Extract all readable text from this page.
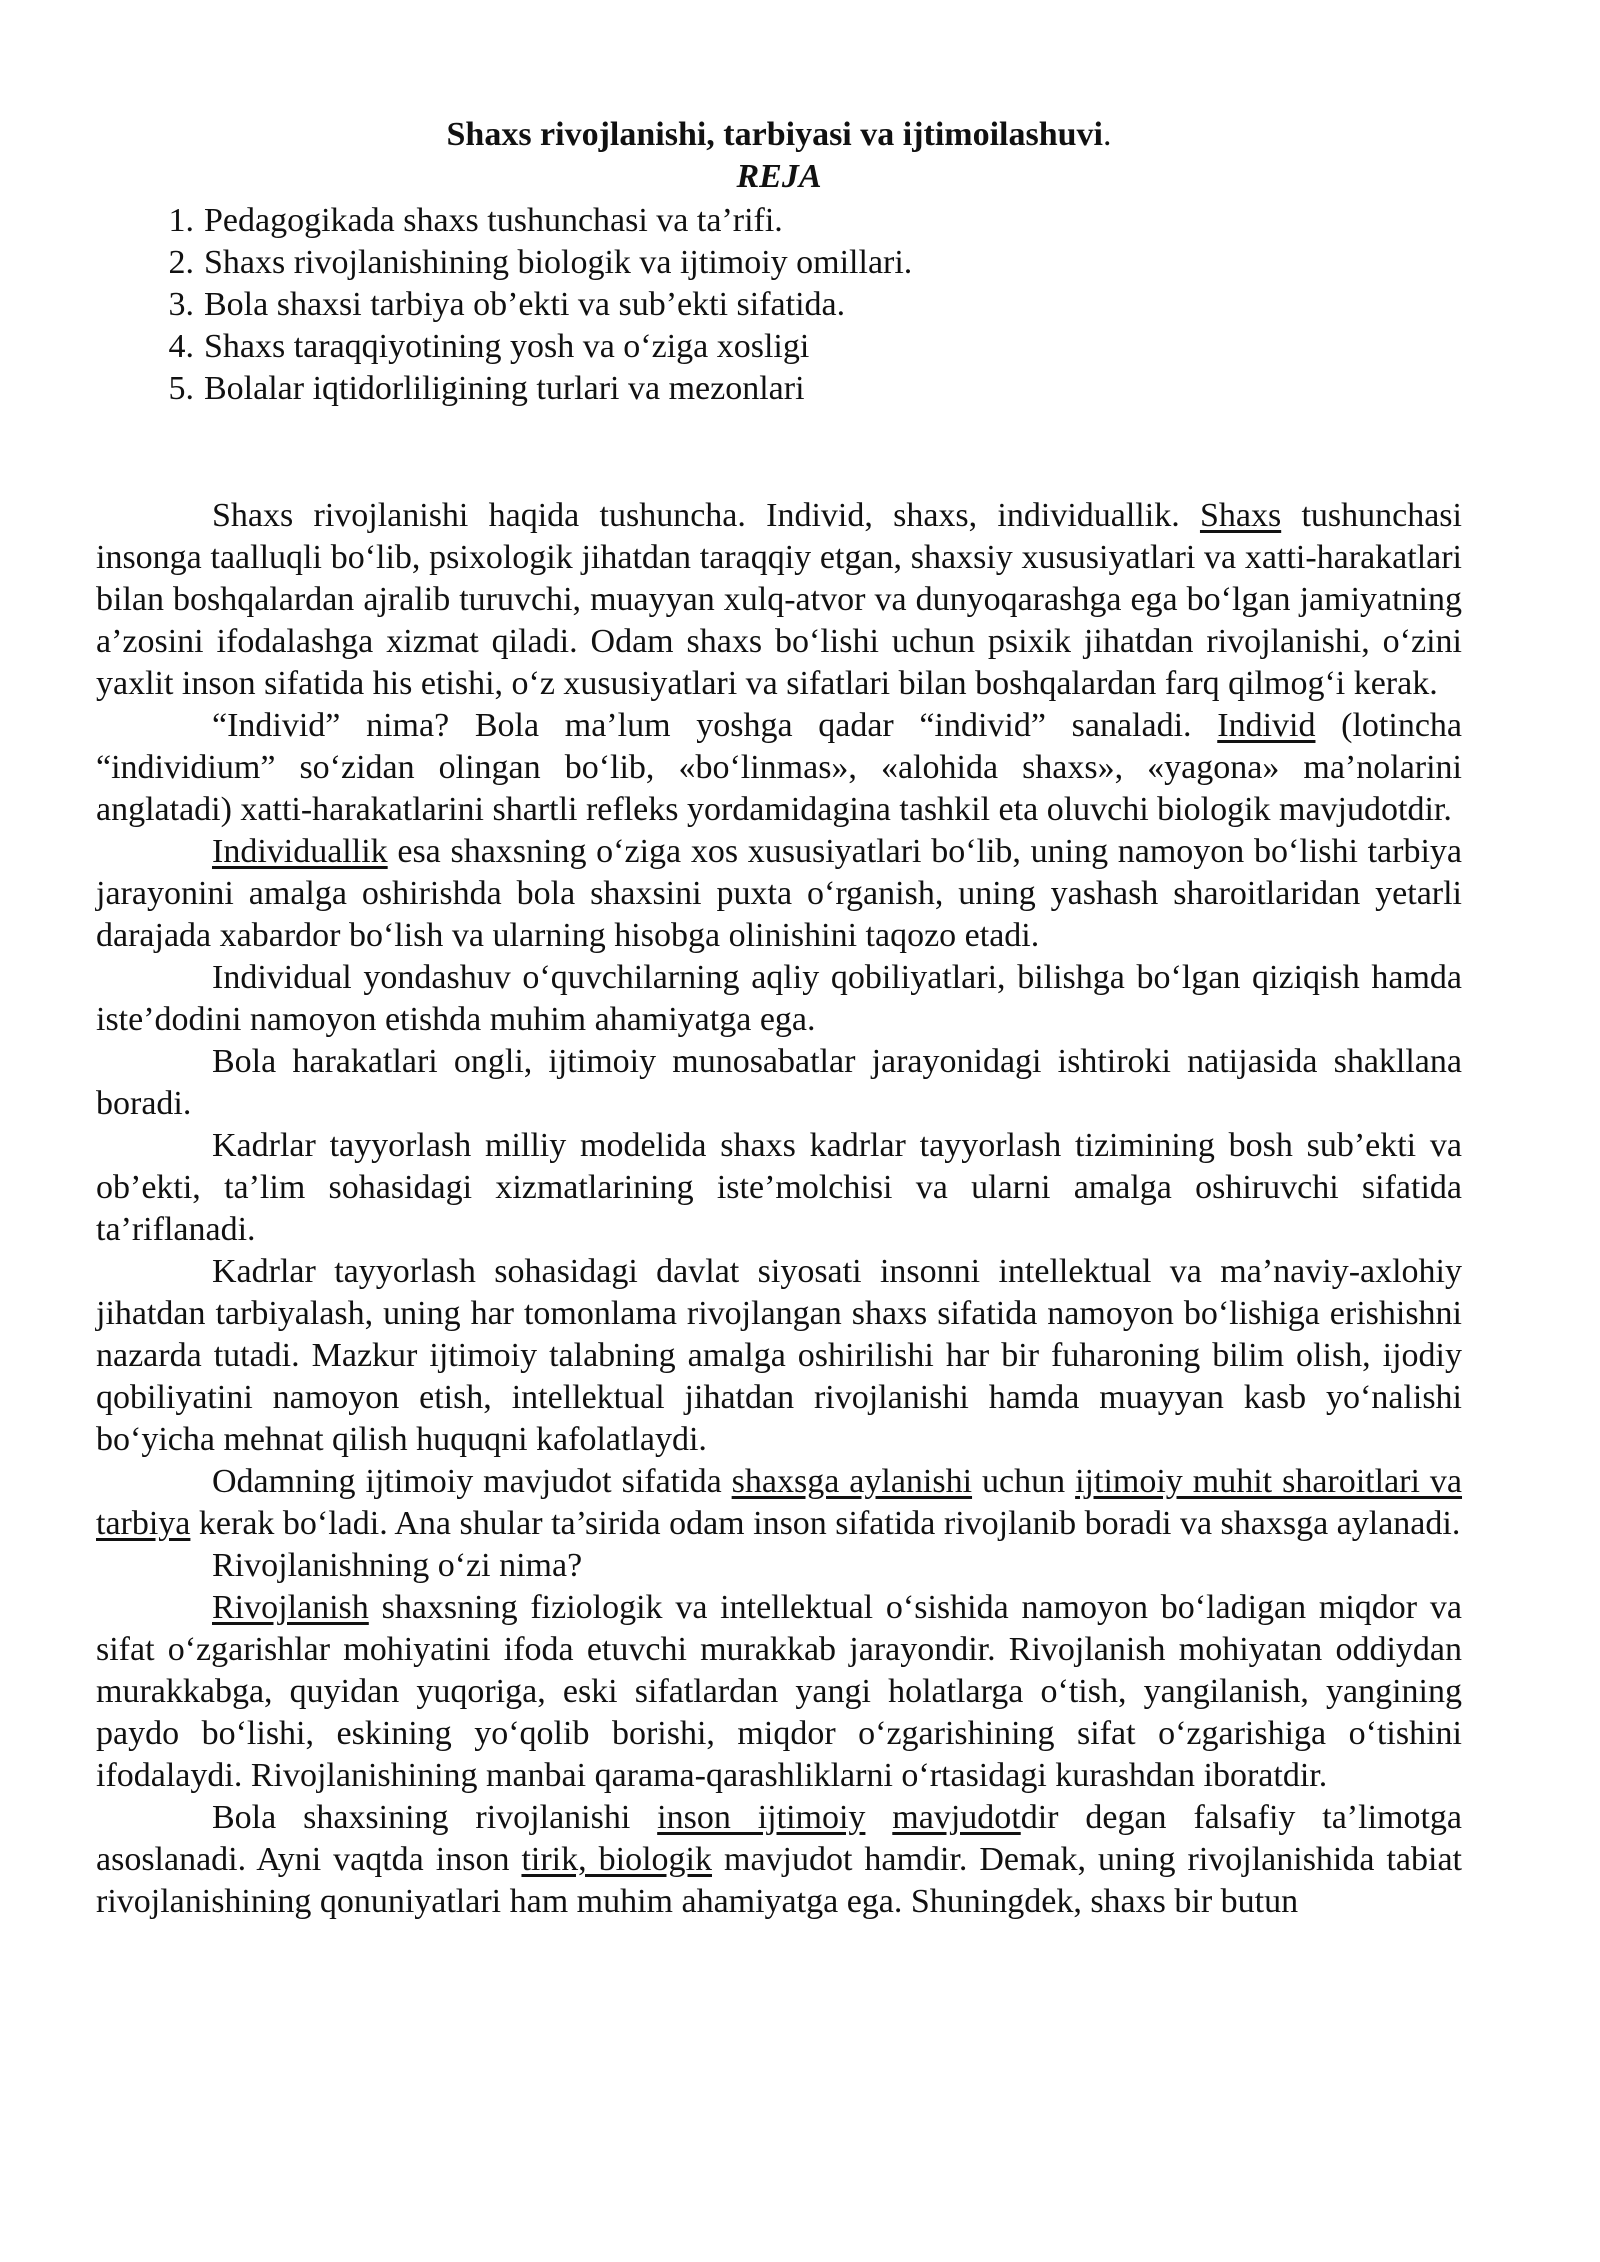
Shaxs rivojlanishi, tarbiyasi va ijtimoilashuvi.

REJA

1. Pedagogikada shaxs tushunchasi va ta’rifi.
2. Shaxs rivojlanishining biologik va ijtimoiy omillari.
3. Bola shaxsi tarbiya ob’ekti va sub’ekti sifatida.
4. Shaxs taraqqiyotining yosh va o‘ziga xosligi
5. Bolalar iqtidorliligining turlari va mezonlari

Shaxs rivojlanishi haqida tushuncha. Individ, shaxs, individuallik. Shaxs tushunchasi insonga taalluqli bo‘lib, psixologik jihatdan taraqqiy etgan, shaxsiy xususiyatlari va xatti-harakatlari bilan boshqalardan ajralib turuvchi, muayyan xulq-atvor va dunyoqarashga ega bo‘lgan jamiyatning a’zosini ifodalashga xizmat qiladi. Odam shaxs bo‘lishi uchun psixik jihatdan rivojlanishi, o‘zini yaxlit inson sifatida his etishi, o‘z xususiyatlari va sifatlari bilan boshqalardan farq qilmog‘i kerak.

“Individ” nima? Bola ma’lum yoshga qadar “individ” sanaladi. Individ (lotincha “individium” so‘zidan olingan bo‘lib, «bo‘linmas», «alohida shaxs», «yagona» ma’nolarini anglatadi) xatti-harakatlarini shartli refleks yordamidagina tashkil eta oluvchi biologik mavjudotdir.

Individuallik esa shaxsning o‘ziga xos xususiyatlari bo‘lib, uning namoyon bo‘lishi tarbiya jarayonini amalga oshirishda bola shaxsini puxta o‘rganish, uning yashash sharoitlaridan yetarli darajada xabardor bo‘lish va ularning hisobga olinishini taqozo etadi.

Individual yondashuv o‘quvchilarning aqliy qobiliyatlari, bilishga bo‘lgan qiziqish hamda iste’dodini namoyon etishda muhim ahamiyatga ega.

Bola harakatlari ongli, ijtimoiy munosabatlar jarayonidagi ishtiroki natijasida shakllana boradi.

Kadrlar tayyorlash milliy modelida shaxs kadrlar tayyorlash tizimining bosh sub’ekti va ob’ekti, ta’lim sohasidagi xizmatlarining iste’molchisi va ularni amalga oshiruvchi sifatida ta’riflanadi.

Kadrlar tayyorlash sohasidagi davlat siyosati insonni intellektual va ma’naviy-axlohiy jihatdan tarbiyalash, uning har tomonlama rivojlangan shaxs sifatida namoyon bo‘lishiga erishishni nazarda tutadi. Mazkur ijtimoiy talabning amalga oshirilishi har bir fuharoning bilim olish, ijodiy qobiliyatini namoyon etish, intellektual jihatdan rivojlanishi hamda muayyan kasb yo‘nalishi bo‘yicha mehnat qilish huquqni kafolatlaydi.

Odamning ijtimoiy mavjudot sifatida shaxsga aylanishi uchun ijtimoiy muhit sharoitlari va tarbiya kerak bo‘ladi. Ana shular ta’sirida odam inson sifatida rivojlanib boradi va shaxsga aylanadi.

Rivojlanishning o‘zi nima?

Rivojlanish shaxsning fiziologik va intellektual o‘sishida namoyon bo‘ladigan miqdor va sifat o‘zgarishlar mohiyatini ifoda etuvchi murakkab jarayondir. Rivojlanish mohiyatan oddiydan murakkabga, quyidan yuqoriga, eski sifatlardan yangi holatlarga o‘tish, yangilanish, yangining paydo bo‘lishi, eskining yo‘qolib borishi, miqdor o‘zgarishining sifat o‘zgarishiga o‘tishini ifodalaydi. Rivojlanishining manbai qarama-qarashliklarni o‘rtasidagi kurashdan iboratdir.

Bola shaxsining rivojlanishi inson ijtimoiy mavjudotdir degan falsafiy ta’limotga asoslanadi. Ayni vaqtda inson tirik, biologik mavjudot hamdir. Demak, uning rivojlanishida tabiat rivojlanishining qonuniyatlari ham muhim ahamiyatga ega. Shuningdek, shaxs bir butun
